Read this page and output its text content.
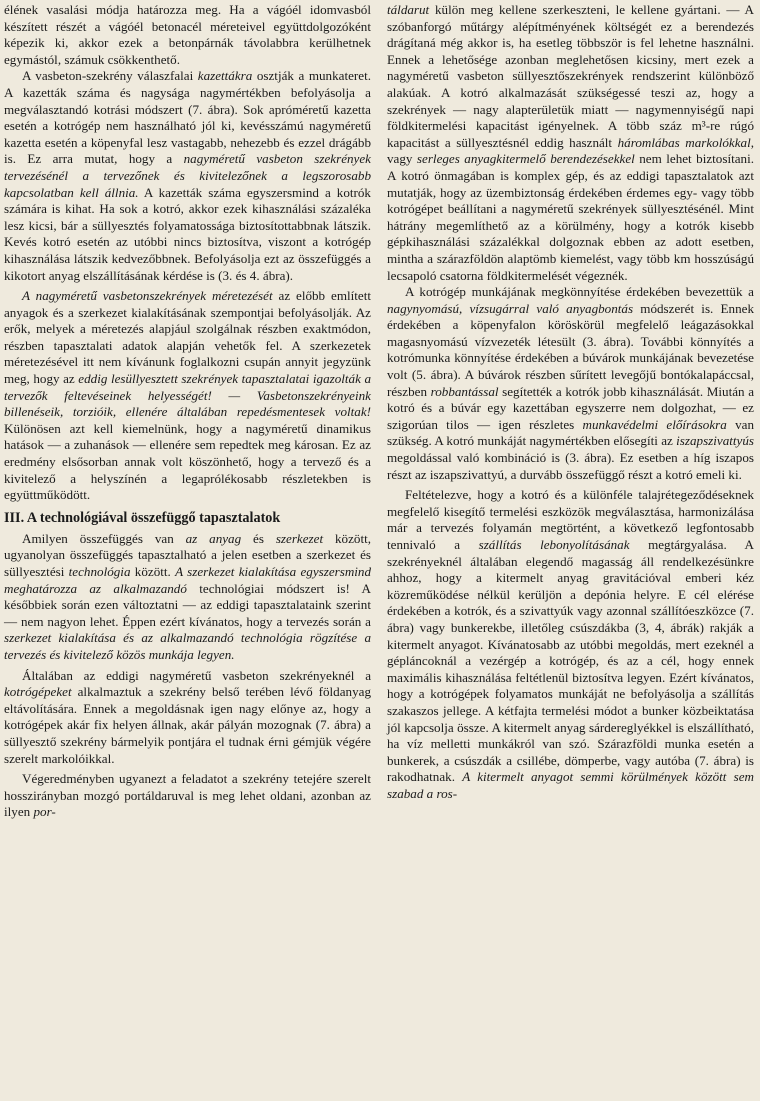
élének vasalási módja határozza meg. Ha a vágóél idomvasból készített részét a vágóél betonacél méreteivel együttdolgozóként képezik ki, akkor ezek a betonpárnák távolabbra kerülhetnek egymástól, számuk csökkenthető.

A vasbeton-szekrény válaszfalai kazettákra osztják a munkateret. A kazetták száma és nagysága nagymértékben befolyásolja a megválasztandó kotrási módszert (7. ábra). Sok apróméretű kazetta esetén a kotrógép nem használható jól ki, kevésszámú nagyméretű kazetta esetén a köpenyfal lesz vastagabb, nehezebb és ezzel drágább is. Ez arra mutat, hogy a nagyméretű vasbeton szekrények tervezésénél a tervezőnek és kivitelezőnek a legszorosabb kapcsolatban kell állnia. A kazetták száma egyszersmind a kotrók számára is kihat. Ha sok a kotró, akkor ezek kihasználási százaléka lesz kicsi, bár a süllyesztés folyamatossága biztosítottabbnak látszik. Kevés kotró esetén az utóbbi nincs biztosítva, viszont a kotrógép kihasználása látszik kedvezőbbnek. Befolyásolja ezt az összefüggés a kikotort anyag elszállításának kérdése is (3. és 4. ábra).

A nagyméretű vasbetonszekrények méretezését az előbb említett anyagok és a szerkezet kialakításának szempontjai befolyásolják. Az erők, melyek a méretezés alapjául szolgálnak részben exaktmódon, részben tapasztalati adatok alapján vehetők fel. A szerkezetek méretezésével itt nem kívánunk foglalkozni csupán annyit jegyzünk meg, hogy az eddig lesüllyesztett szekrények tapasztalatai igazolták a tervezők feltevéseinek helyességét! — Vasbetonszekrényeink billenéseik, torzióik, ellenére általában repedésmentesek voltak! Különösen azt kell kiemelnünk, hogy a nagyméretű dinamikus hatások — a zuhanások — ellenére sem repedtek meg károsan. Ez az eredmény elsősorban annak volt köszönhető, hogy a tervező és a kivitelező a helyszínén a legaprólékosabb részletekben is együttműködött.

III. A technológiával összefüggő tapasztalatok

Amilyen összefüggés van az anyag és szerkezet között, ugyanolyan összefüggés tapasztalható a jelen esetben a szerkezet és süllyesztési technológia között. A szerkezet kialakítása egyszersmind meghatározza az alkalmazandó technológiai módszert is! A későbbiek során ezen változtatni — az eddigi tapasztalataink szerint — nem nagyon lehet. Éppen ezért kívánatos, hogy a tervezés során a szerkezet kialakítása és az alkalmazandó technológia rögzítése a tervezés és kivitelező közös munkája legyen.

Általában az eddigi nagyméretű vasbeton szekrényeknél a kotrógépeket alkalmaztuk a szekrény belső terében lévő földanyag eltávolítására. Ennek a megoldásnak igen nagy előnye az, hogy a kotrógépek akár fix helyen állnak, akár pályán mozognak (7. ábra) a süllyesztő szekrény bármelyik pontjára el tudnak érni gémjük végére szerelt markolóikkal.

Végeredményben ugyanezt a feladatot a szekrény tetejére szerelt hosszirányban mozgó portáldaruval is meg lehet oldani, azonban az ilyen por-

táldarut külön meg kellene szerkeszteni, le kellene gyártani. — A szóbanforgó műtárgy alépítményének költségét ez a berendezés drágítaná még akkor is, ha esetleg többször is fel lehetne használni. Ennek a lehetősége azonban meglehetősen kicsiny, mert ezek a nagyméretű vasbeton süllyesztőszekrények rendszerint különböző alakúak. A kotró alkalmazását szükségessé teszi az, hogy a szekrények — nagy alapterületük miatt — nagymennyiségű napi földkitermelési kapacitást igényelnek. A több száz m³-re rúgó kapacitást a süllyesztésnél eddig használt háromlábas markolókkal, vagy serleges anyagkitermelő berendezésekkel nem lehet biztosítani. A kotró önmagában is komplex gép, és az eddigi tapasztalatok azt mutatják, hogy az üzembiztonság érdekében érdemes egy- vagy több kotrógépet beállítani a nagyméretű szekrények süllyesztésénél. Mint hátrány megemlíthető az a körülmény, hogy a kotrók kisebb gépkihasználási százalékkal dolgoznak ebben az adott esetben, mintha a szárazföldön alaptömb kiemelést, vagy több km hosszúságú lecsapoló csatorna földkitermelését végeznék.

A kotrógép munkájának megkönnyítése érdekében bevezettük a nagynyomású, vízsugárral való anyagbontás módszerét is. Ennek érdekében a köpenyfalon köröskörül megfelelő leágazásokkal magasnyomású vízvezeték létesült (3. ábra). További könnyítés a kotrómunka könnyítése érdekében a búvárok munkájának bevezetése volt (5. ábra). A búvárok részben sűrített levegőjű bontókalapáccsal, részben robbantással segítették a kotrók jobb kihasználását. Miután a kotró és a búvár egy kazettában egyszerre nem dolgozhat, — ez szigorúan tilos — igen részletes munkavédelmi előírásokra van szükség. A kotró munkáját nagymértékben elősegíti az iszapszivattyús megoldással való kombináció is (3. ábra). Ez esetben a híg iszapos részt az iszapszivattyú, a durvább összefüggő részt a kotró emeli ki.

Feltételezve, hogy a kotró és a különféle talajrétegeződéseknek megfelelő kisegítő termelési eszközök megválasztása, harmonizálása már a tervezés folyamán megtörtént, a következő legfontosabb tennivaló a szállítás lebonyolításának megtárgyalása. A szekrényeknél általában elegendő magasság áll rendelkezésünkre ahhoz, hogy a kitermelt anyag gravitációval emberi kéz közreműködése nélkül kerüljön a depónia helyre. E cél elérése érdekében a kotrók, és a szivattyúk vagy azonnal szállítóeszközce (7. ábra) vagy bunkerekbe, illetőleg csúszdákba (3, 4, ábrák) rakják a kitermelt anyagot. Kívánatosabb az utóbbi megoldás, mert ezeknél a gépláncoknál a vezérgép a kotrógép, és az a cél, hogy ennek maximális kihasználása feltétlenül biztosítva legyen. Ezért kívánatos, hogy a kotrógépek folyamatos munkáját ne befolyásolja a szállítás szakaszos jellege. A kétfajta termelési módot a bunker közbeiktatása jól kapcsolja össze. A kitermelt anyag sárdereglyékkel is elszállítható, ha víz melletti munkákról van szó. Szárazföldi munka esetén a bunkerek, a csúszdák a csillébe, dömperbe, vagy autóba (7. ábra) is rakodhatnak. A kitermelt anyagot semmi körülmények között sem szabad a ros-
